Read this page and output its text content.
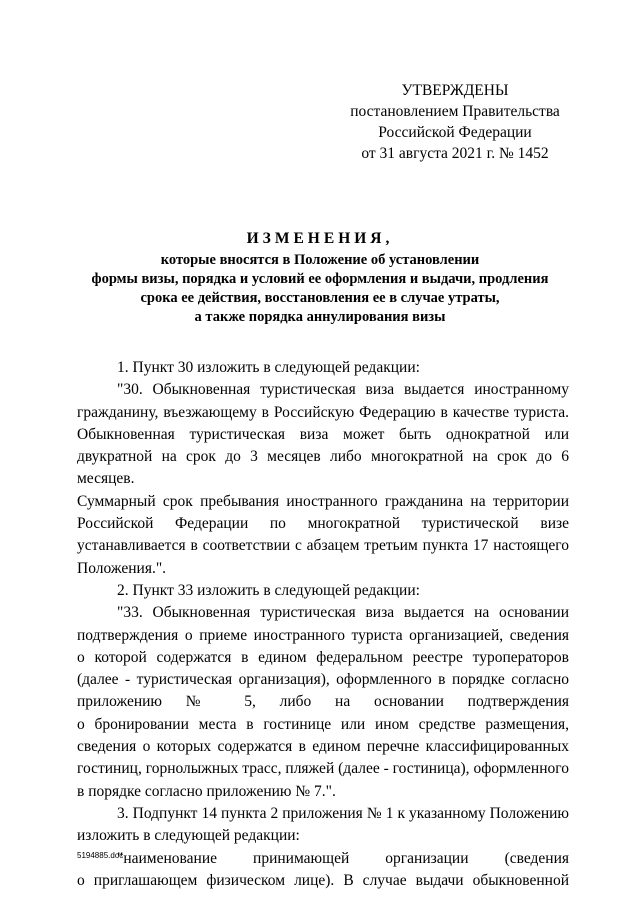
УТВЕРЖДЕНЫ
постановлением Правительства
Российской Федерации
от 31 августа 2021 г. № 1452
ИЗМЕНЕНИЯ,
которые вносятся в Положение об установлении
формы визы, порядка и условий ее оформления и выдачи, продления
срока ее действия, восстановления ее в случае утраты,
а также порядка аннулирования визы
1. Пункт 30 изложить в следующей редакции:
"30. Обыкновенная туристическая виза выдается иностранному
гражданину, въезжающему в Российскую Федерацию в качестве туриста.
Обыкновенная туристическая виза может быть однократной или
двукратной на срок до 3 месяцев либо многократной на срок до 6 месяцев.
Суммарный срок пребывания иностранного гражданина на территории
Российской Федерации по многократной туристической визе
устанавливается в соответствии с абзацем третьим пункта 17 настоящего
Положения.".
2. Пункт 33 изложить в следующей редакции:
"33. Обыкновенная туристическая виза выдается на основании
подтверждения о приеме иностранного туриста организацией, сведения
о которой содержатся в едином федеральном реестре туроператоров
(далее - туристическая организация), оформленного в порядке согласно
приложению № 5, либо на основании подтверждения
о бронировании места в гостинице или ином средстве размещения,
сведения о которых содержатся в едином перечне классифицированных
гостиниц, горнолыжных трасс, пляжей (далее - гостиница), оформленного
в порядке согласно приложению № 7.".
3. Подпункт 14 пункта 2 приложения № 1 к указанному Положению
изложить в следующей редакции:
"наименование принимающей организации (сведения
о приглашающем физическом лице). В случае выдачи обыкновенной
5194885.doc
